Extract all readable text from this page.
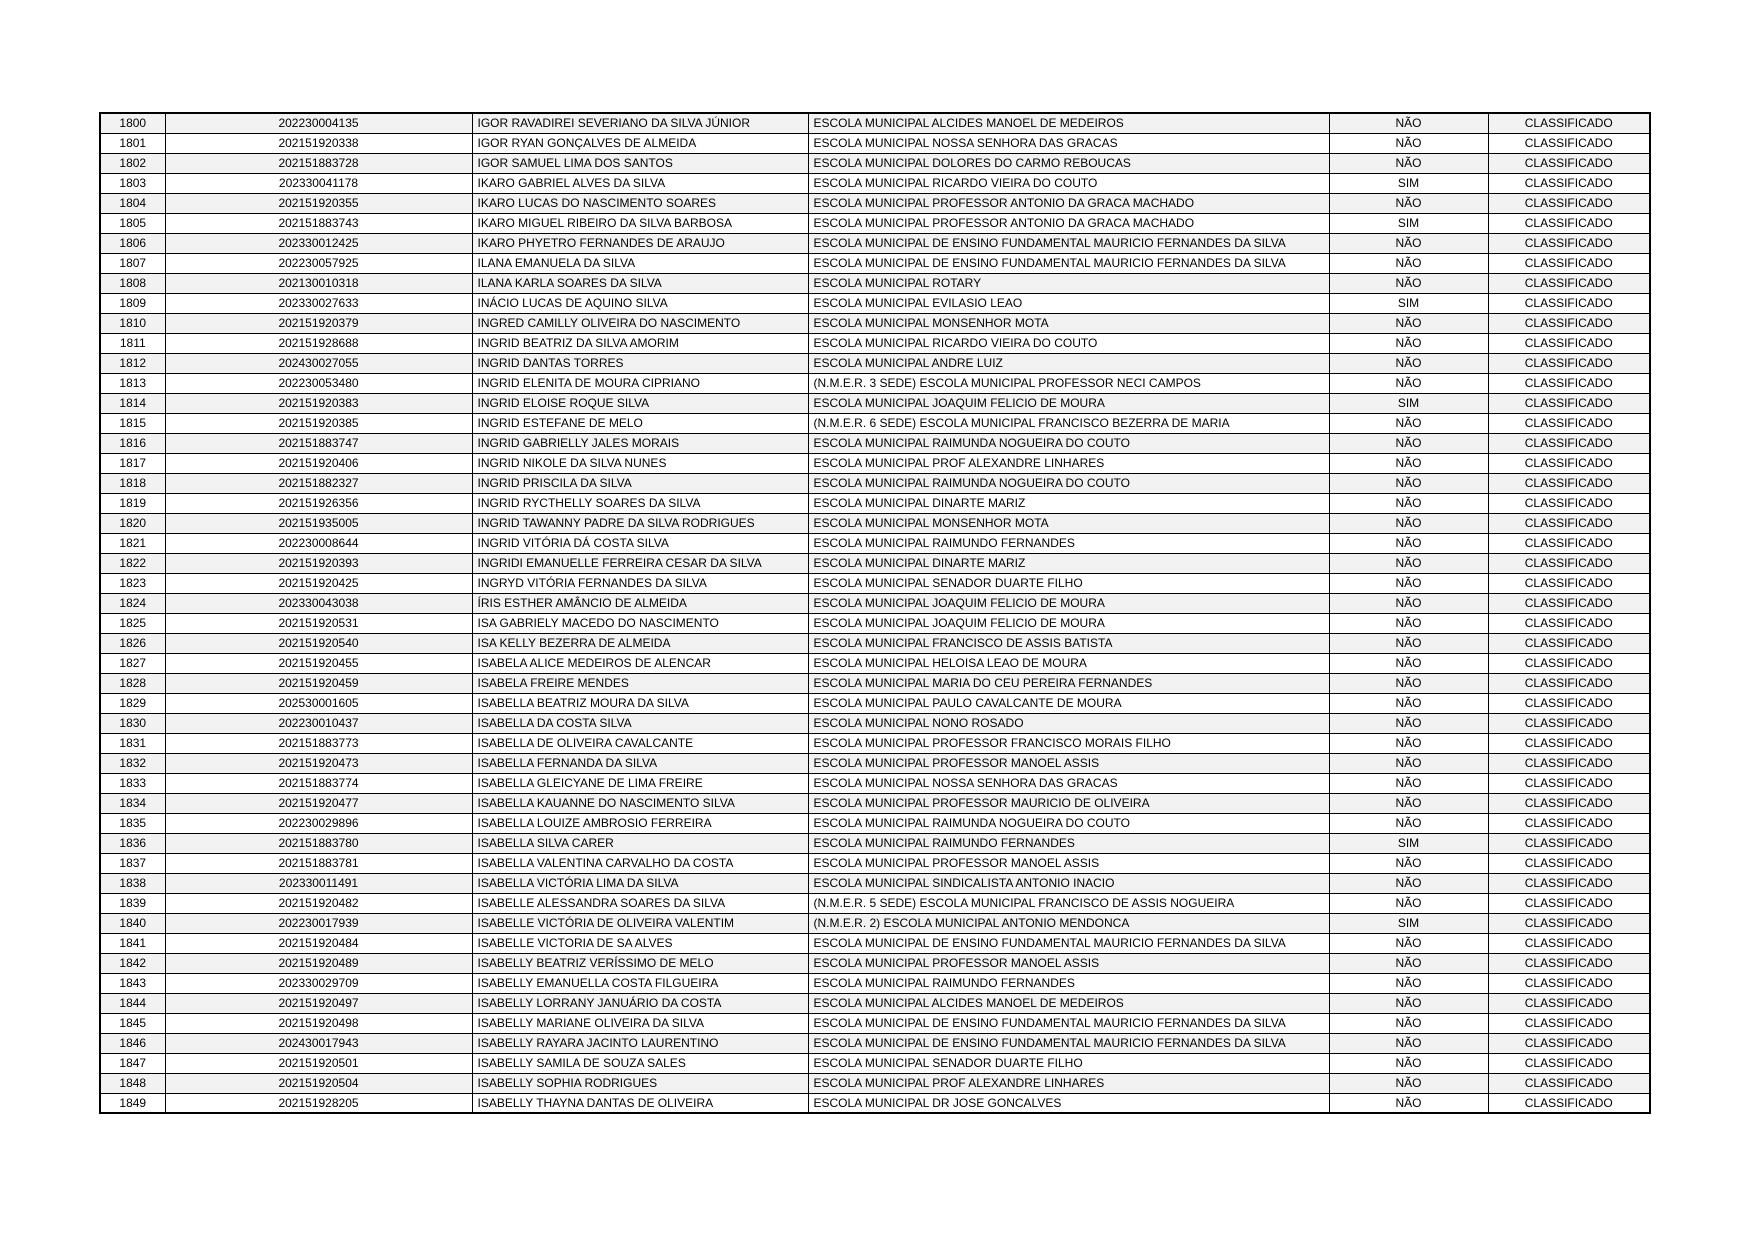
1800	202230004135	IGOR RAVADIREI SEVERIANO DA SILVA JÚNIOR	ESCOLA MUNICIPAL ALCIDES MANOEL DE MEDEIROS	NÃO	CLASSIFICADO
1801	202151920338	IGOR RYAN GONÇALVES DE ALMEIDA	ESCOLA MUNICIPAL NOSSA SENHORA DAS GRACAS	NÃO	CLASSIFICADO
1802	202151883728	IGOR SAMUEL LIMA DOS SANTOS	ESCOLA MUNICIPAL DOLORES DO CARMO REBOUCAS	NÃO	CLASSIFICADO
1803	202330041178	IKARO GABRIEL ALVES DA SILVA	ESCOLA MUNICIPAL RICARDO VIEIRA DO COUTO	SIM	CLASSIFICADO
1804	202151920355	IKARO LUCAS DO NASCIMENTO SOARES	ESCOLA MUNICIPAL PROFESSOR ANTONIO DA GRACA MACHADO	NÃO	CLASSIFICADO
1805	202151883743	IKARO MIGUEL RIBEIRO DA SILVA BARBOSA	ESCOLA MUNICIPAL PROFESSOR ANTONIO DA GRACA MACHADO	SIM	CLASSIFICADO
1806	202330012425	IKARO PHYETRO FERNANDES DE ARAUJO	ESCOLA MUNICIPAL DE ENSINO FUNDAMENTAL MAURICIO FERNANDES DA SILVA	NÃO	CLASSIFICADO
1807	202230057925	ILANA EMANUELA DA SILVA	ESCOLA MUNICIPAL DE ENSINO FUNDAMENTAL MAURICIO FERNANDES DA SILVA	NÃO	CLASSIFICADO
1808	202130010318	ILANA KARLA SOARES DA SILVA	ESCOLA MUNICIPAL ROTARY	NÃO	CLASSIFICADO
1809	202330027633	INÁCIO LUCAS DE AQUINO SILVA	ESCOLA MUNICIPAL EVILASIO LEAO	SIM	CLASSIFICADO
1810	202151920379	INGRED CAMILLY OLIVEIRA DO NASCIMENTO	ESCOLA MUNICIPAL MONSENHOR MOTA	NÃO	CLASSIFICADO
1811	202151928688	INGRID BEATRIZ DA SILVA AMORIM	ESCOLA MUNICIPAL RICARDO VIEIRA DO COUTO	NÃO	CLASSIFICADO
1812	202430027055	INGRID DANTAS TORRES	ESCOLA MUNICIPAL ANDRE LUIZ	NÃO	CLASSIFICADO
1813	202230053480	INGRID ELENITA DE MOURA CIPRIANO	(N.M.E.R. 3 SEDE) ESCOLA MUNICIPAL PROFESSOR NECI CAMPOS	NÃO	CLASSIFICADO
1814	202151920383	INGRID ELOISE ROQUE SILVA	ESCOLA MUNICIPAL JOAQUIM FELICIO DE MOURA	SIM	CLASSIFICADO
1815	202151920385	INGRID ESTEFANE DE MELO	(N.M.E.R. 6 SEDE) ESCOLA MUNICIPAL FRANCISCO BEZERRA DE MARIA	NÃO	CLASSIFICADO
1816	202151883747	INGRID GABRIELLY JALES MORAIS	ESCOLA MUNICIPAL RAIMUNDA NOGUEIRA DO COUTO	NÃO	CLASSIFICADO
1817	202151920406	INGRID NIKOLE DA SILVA NUNES	ESCOLA MUNICIPAL PROF ALEXANDRE LINHARES	NÃO	CLASSIFICADO
1818	202151882327	INGRID PRISCILA DA SILVA	ESCOLA MUNICIPAL RAIMUNDA NOGUEIRA DO COUTO	NÃO	CLASSIFICADO
1819	202151926356	INGRID RYCTHELLY SOARES DA SILVA	ESCOLA MUNICIPAL DINARTE MARIZ	NÃO	CLASSIFICADO
1820	202151935005	INGRID TAWANNY PADRE DA SILVA RODRIGUES	ESCOLA MUNICIPAL MONSENHOR MOTA	NÃO	CLASSIFICADO
1821	202230008644	INGRID VITÓRIA DÁ COSTA SILVA	ESCOLA MUNICIPAL RAIMUNDO FERNANDES	NÃO	CLASSIFICADO
1822	202151920393	INGRIDI EMANUELLE FERREIRA CESAR DA SILVA	ESCOLA MUNICIPAL DINARTE MARIZ	NÃO	CLASSIFICADO
1823	202151920425	INGRYD VITÓRIA FERNANDES DA SILVA	ESCOLA MUNICIPAL SENADOR DUARTE FILHO	NÃO	CLASSIFICADO
1824	202330043038	ÍRIS ESTHER AMÂNCIO DE ALMEIDA	ESCOLA MUNICIPAL JOAQUIM FELICIO DE MOURA	NÃO	CLASSIFICADO
1825	202151920531	ISA GABRIELY MACEDO DO NASCIMENTO	ESCOLA MUNICIPAL JOAQUIM FELICIO DE MOURA	NÃO	CLASSIFICADO
1826	202151920540	ISA KELLY BEZERRA DE ALMEIDA	ESCOLA MUNICIPAL FRANCISCO DE ASSIS BATISTA	NÃO	CLASSIFICADO
1827	202151920455	ISABELA ALICE MEDEIROS DE ALENCAR	ESCOLA MUNICIPAL HELOISA LEAO DE MOURA	NÃO	CLASSIFICADO
1828	202151920459	ISABELA FREIRE MENDES	ESCOLA MUNICIPAL MARIA DO CEU PEREIRA FERNANDES	NÃO	CLASSIFICADO
1829	202530001605	ISABELLA BEATRIZ MOURA DA SILVA	ESCOLA MUNICIPAL PAULO CAVALCANTE DE MOURA	NÃO	CLASSIFICADO
1830	202230010437	ISABELLA DA COSTA SILVA	ESCOLA MUNICIPAL NONO ROSADO	NÃO	CLASSIFICADO
1831	202151883773	ISABELLA DE OLIVEIRA CAVALCANTE	ESCOLA MUNICIPAL PROFESSOR FRANCISCO MORAIS FILHO	NÃO	CLASSIFICADO
1832	202151920473	ISABELLA FERNANDA DA SILVA	ESCOLA MUNICIPAL PROFESSOR MANOEL ASSIS	NÃO	CLASSIFICADO
1833	202151883774	ISABELLA GLEICYANE DE LIMA FREIRE	ESCOLA MUNICIPAL NOSSA SENHORA DAS GRACAS	NÃO	CLASSIFICADO
1834	202151920477	ISABELLA KAUANNE DO NASCIMENTO SILVA	ESCOLA MUNICIPAL PROFESSOR MAURICIO DE OLIVEIRA	NÃO	CLASSIFICADO
1835	202230029896	ISABELLA LOUIZE AMBROSIO FERREIRA	ESCOLA MUNICIPAL RAIMUNDA NOGUEIRA DO COUTO	NÃO	CLASSIFICADO
1836	202151883780	ISABELLA SILVA CARER	ESCOLA MUNICIPAL RAIMUNDO FERNANDES	SIM	CLASSIFICADO
1837	202151883781	ISABELLA VALENTINA CARVALHO DA COSTA	ESCOLA MUNICIPAL PROFESSOR MANOEL ASSIS	NÃO	CLASSIFICADO
1838	202330011491	ISABELLA VICTÓRIA LIMA DA SILVA	ESCOLA MUNICIPAL SINDICALISTA ANTONIO INACIO	NÃO	CLASSIFICADO
1839	202151920482	ISABELLE ALESSANDRA SOARES DA SILVA	(N.M.E.R. 5 SEDE) ESCOLA MUNICIPAL FRANCISCO DE ASSIS NOGUEIRA	NÃO	CLASSIFICADO
1840	202230017939	ISABELLE VICTÓRIA DE OLIVEIRA VALENTIM	(N.M.E.R. 2) ESCOLA MUNICIPAL ANTONIO MENDONCA	SIM	CLASSIFICADO
1841	202151920484	ISABELLE VICTORIA DE SA ALVES	ESCOLA MUNICIPAL DE ENSINO FUNDAMENTAL MAURICIO FERNANDES DA SILVA	NÃO	CLASSIFICADO
1842	202151920489	ISABELLY BEATRIZ VERÍSSIMO DE MELO	ESCOLA MUNICIPAL PROFESSOR MANOEL ASSIS	NÃO	CLASSIFICADO
1843	202330029709	ISABELLY EMANUELLA COSTA FILGUEIRA	ESCOLA MUNICIPAL RAIMUNDO FERNANDES	NÃO	CLASSIFICADO
1844	202151920497	ISABELLY LORRANY JANUÁRIO DA COSTA	ESCOLA MUNICIPAL ALCIDES MANOEL DE MEDEIROS	NÃO	CLASSIFICADO
1845	202151920498	ISABELLY MARIANE OLIVEIRA DA SILVA	ESCOLA MUNICIPAL DE ENSINO FUNDAMENTAL MAURICIO FERNANDES DA SILVA	NÃO	CLASSIFICADO
1846	202430017943	ISABELLY RAYARA JACINTO LAURENTINO	ESCOLA MUNICIPAL DE ENSINO FUNDAMENTAL MAURICIO FERNANDES DA SILVA	NÃO	CLASSIFICADO
1847	202151920501	ISABELLY SAMILA DE SOUZA SALES	ESCOLA MUNICIPAL SENADOR DUARTE FILHO	NÃO	CLASSIFICADO
1848	202151920504	ISABELLY SOPHIA RODRIGUES	ESCOLA MUNICIPAL PROF ALEXANDRE LINHARES	NÃO	CLASSIFICADO
1849	202151928205	ISABELLY THAYNA DANTAS DE OLIVEIRA	ESCOLA MUNICIPAL DR JOSE GONCALVES	NÃO	CLASSIFICADO
